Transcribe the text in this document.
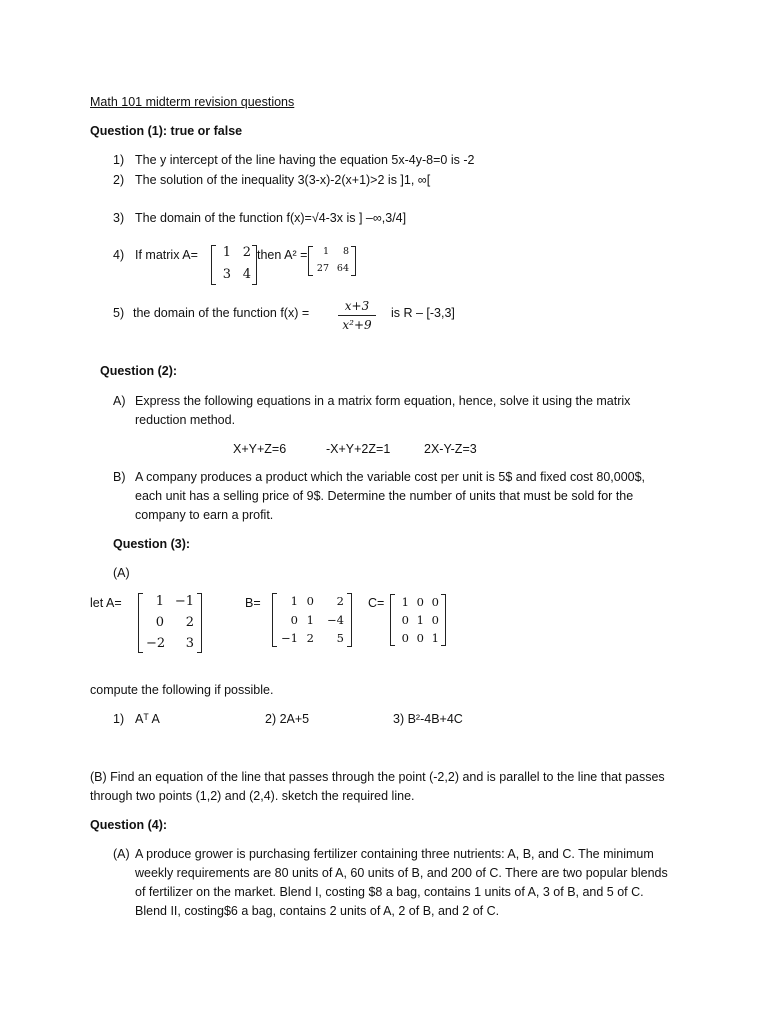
Math 101 midterm revision questions
Question (1): true or false
1) The y intercept of the line having the equation 5x-4y-8=0 is -2
2) The solution of the inequality 3(3-x)-2(x+1)>2 is ]1, ∞[
3) The domain of the function f(x)=√4-3x is ] –∞,3/4]
4) If matrix A=	1 2
3 4
then A² =	1	8
27 64
5) the domain of the function f(x) =	x+3
x²+9
is R – [-3,3]
Question (2):
A) Express the following equations in a matrix form equation, hence, solve it using the matrix
reduction method.
X+Y+Z=6	-X+Y+2Z=1	2X-Y-Z=3
B) A company produces a product which the variable cost per unit is 5$ and fixed cost 80,000$,
each unit has a selling price of 9$. Determine the number of units that must be sold for the
company to earn a profit.
Question (3):
(A)
let A=	1 −1
0	2
−2	3
B=	1 0	2
0 1	−4
−1 2	5
C=	1 0 0
0 1 0
0 0 1
compute the following if possible.
1) Aᵀ A	2) 2A+5	3) B²-4B+4C
(B) Find an equation of the line that passes through the point (-2,2) and is parallel to the line that passes
through two points (1,2) and (2,4). sketch the required line.
Question (4):
(A) A produce grower is purchasing fertilizer containing three nutrients: A, B, and C. The minimum
weekly requirements are 80 units of A, 60 units of B, and 200 of C. There are two popular blends
of fertilizer on the market. Blend I, costing $8 a bag, contains 1 units of A, 3 of B, and 5 of C.
Blend II, costing$6 a bag, contains 2 units of A, 2 of B, and 2 of C.
